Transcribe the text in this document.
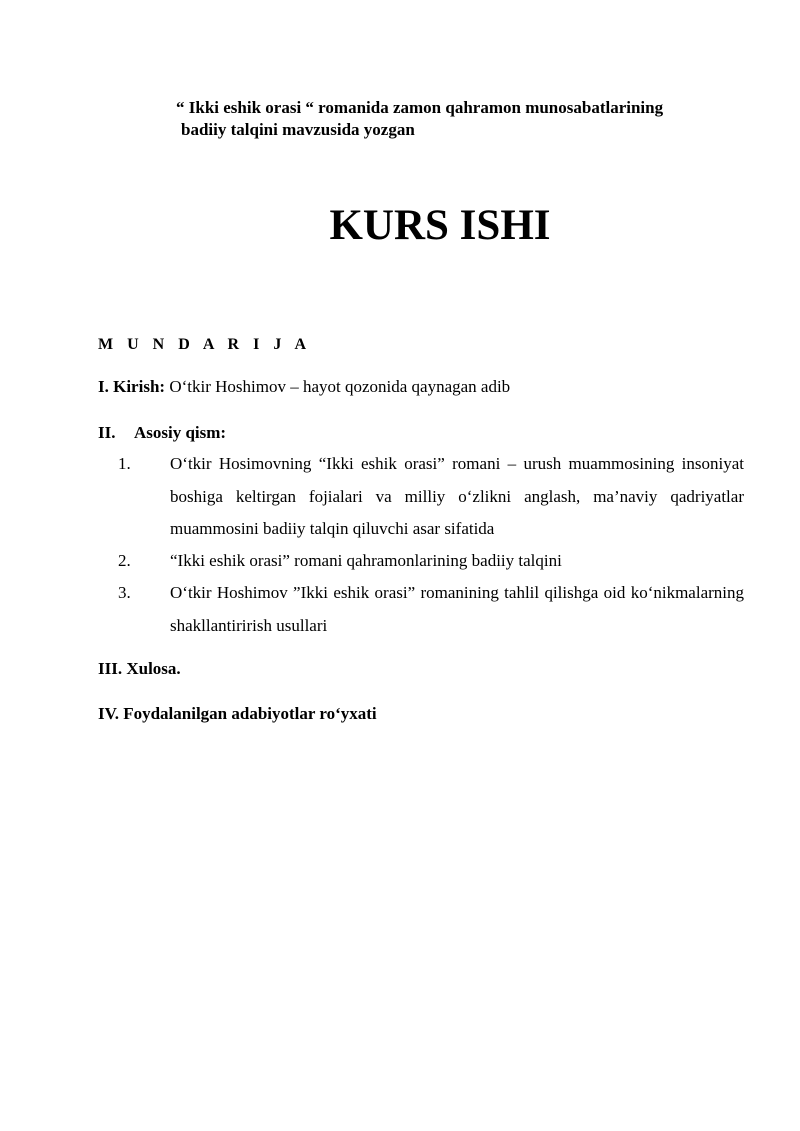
“ Ikki eshik orasi “ romanida zamon qahramon munosabatlarining
badiiy talqini mavzusida yozgan
KURS ISHI
M U N D A R I J A
I. Kirish: O‘tkir Hoshimov – hayot qozonida qaynagan adib
II. Asosiy qism:
1. O‘tkir Hosimovning “Ikki eshik orasi” romani – urush muammosining insoniyat boshiga keltirgan fojialari va milliy o‘zlikni anglash, ma’naviy qadriyatlar muammosini badiiy talqin qiluvchi asar sifatida
2. “Ikki eshik orasi” romani qahramonlarining badiiy talqini
3. O‘tkir Hoshimov ”Ikki eshik orasi” romanining tahlil qilishga oid ko‘nikmalarning shakllantirirish usullari
III. Xulosa.
IV. Foydalanilgan adabiyotlar ro‘yxati
